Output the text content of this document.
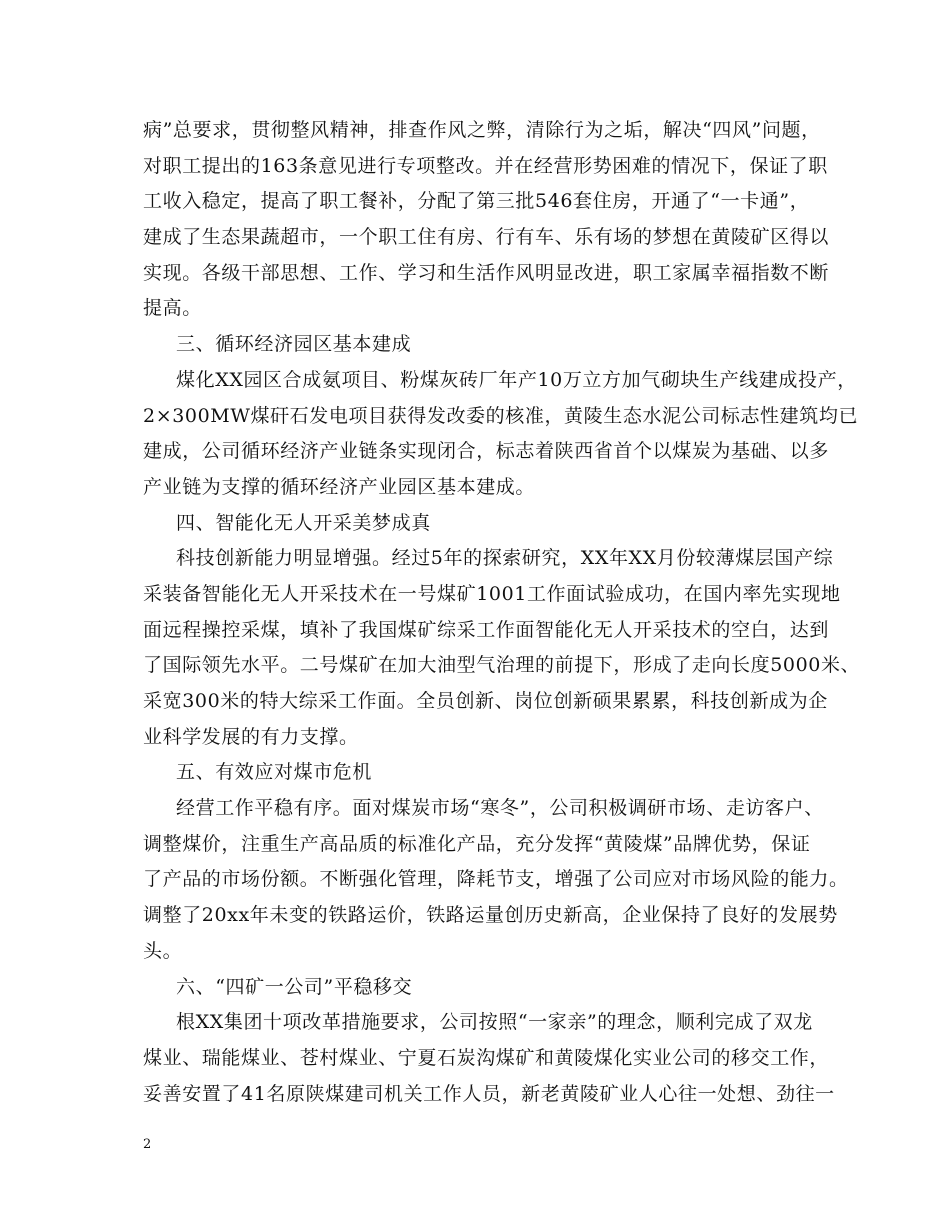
病”总要求，贯彻整风精神，排查作风之弊，清除行为之垢，解决“四风”问题，
对职工提出的163条意见进行专项整改。并在经营形势困难的情况下，保证了职
工收入稳定，提高了职工餐补，分配了第三批546套住房，开通了“一卡通”，
建成了生态果蔬超市，一个职工住有房、行有车、乐有场的梦想在黄陵矿区得以
实现。各级干部思想、工作、学习和生活作风明显改进，职工家属幸福指数不断
提高。
三、循环经济园区基本建成
煤化XX园区合成氨项目、粉煤灰砖厂年产10万立方加气砌块生产线建成投产，
2×300MW煤矸石发电项目获得发改委的核准，黄陵生态水泥公司标志性建筑均已
建成，公司循环经济产业链条实现闭合，标志着陕西省首个以煤炭为基础、以多
产业链为支撑的循环经济产业园区基本建成。
四、智能化无人开采美梦成真
科技创新能力明显增强。经过5年的探索研究，XX年XX月份较薄煤层国产综
采装备智能化无人开采技术在一号煤矿1001工作面试验成功，在国内率先实现地
面远程操控采煤，填补了我国煤矿综采工作面智能化无人开采技术的空白，达到
了国际领先水平。二号煤矿在加大油型气治理的前提下，形成了走向长度5000米、
采宽300米的特大综采工作面。全员创新、岗位创新硕果累累，科技创新成为企
业科学发展的有力支撑。
五、有效应对煤市危机
经营工作平稳有序。面对煤炭市场“寒冬”，公司积极调研市场、走访客户、
调整煤价，注重生产高品质的标准化产品，充分发挥“黄陵煤”品牌优势，保证
了产品的市场份额。不断强化管理，降耗节支，增强了公司应对市场风险的能力。
调整了20xx年未变的铁路运价，铁路运量创历史新高，企业保持了良好的发展势
头。
六、“四矿一公司”平稳移交
根XX集团十项改革措施要求，公司按照“一家亲”的理念，顺利完成了双龙
煤业、瑞能煤业、苍村煤业、宁夏石炭沟煤矿和黄陵煤化实业公司的移交工作，
妥善安置了41名原陕煤建司机关工作人员，新老黄陵矿业人心往一处想、劲往一
2
